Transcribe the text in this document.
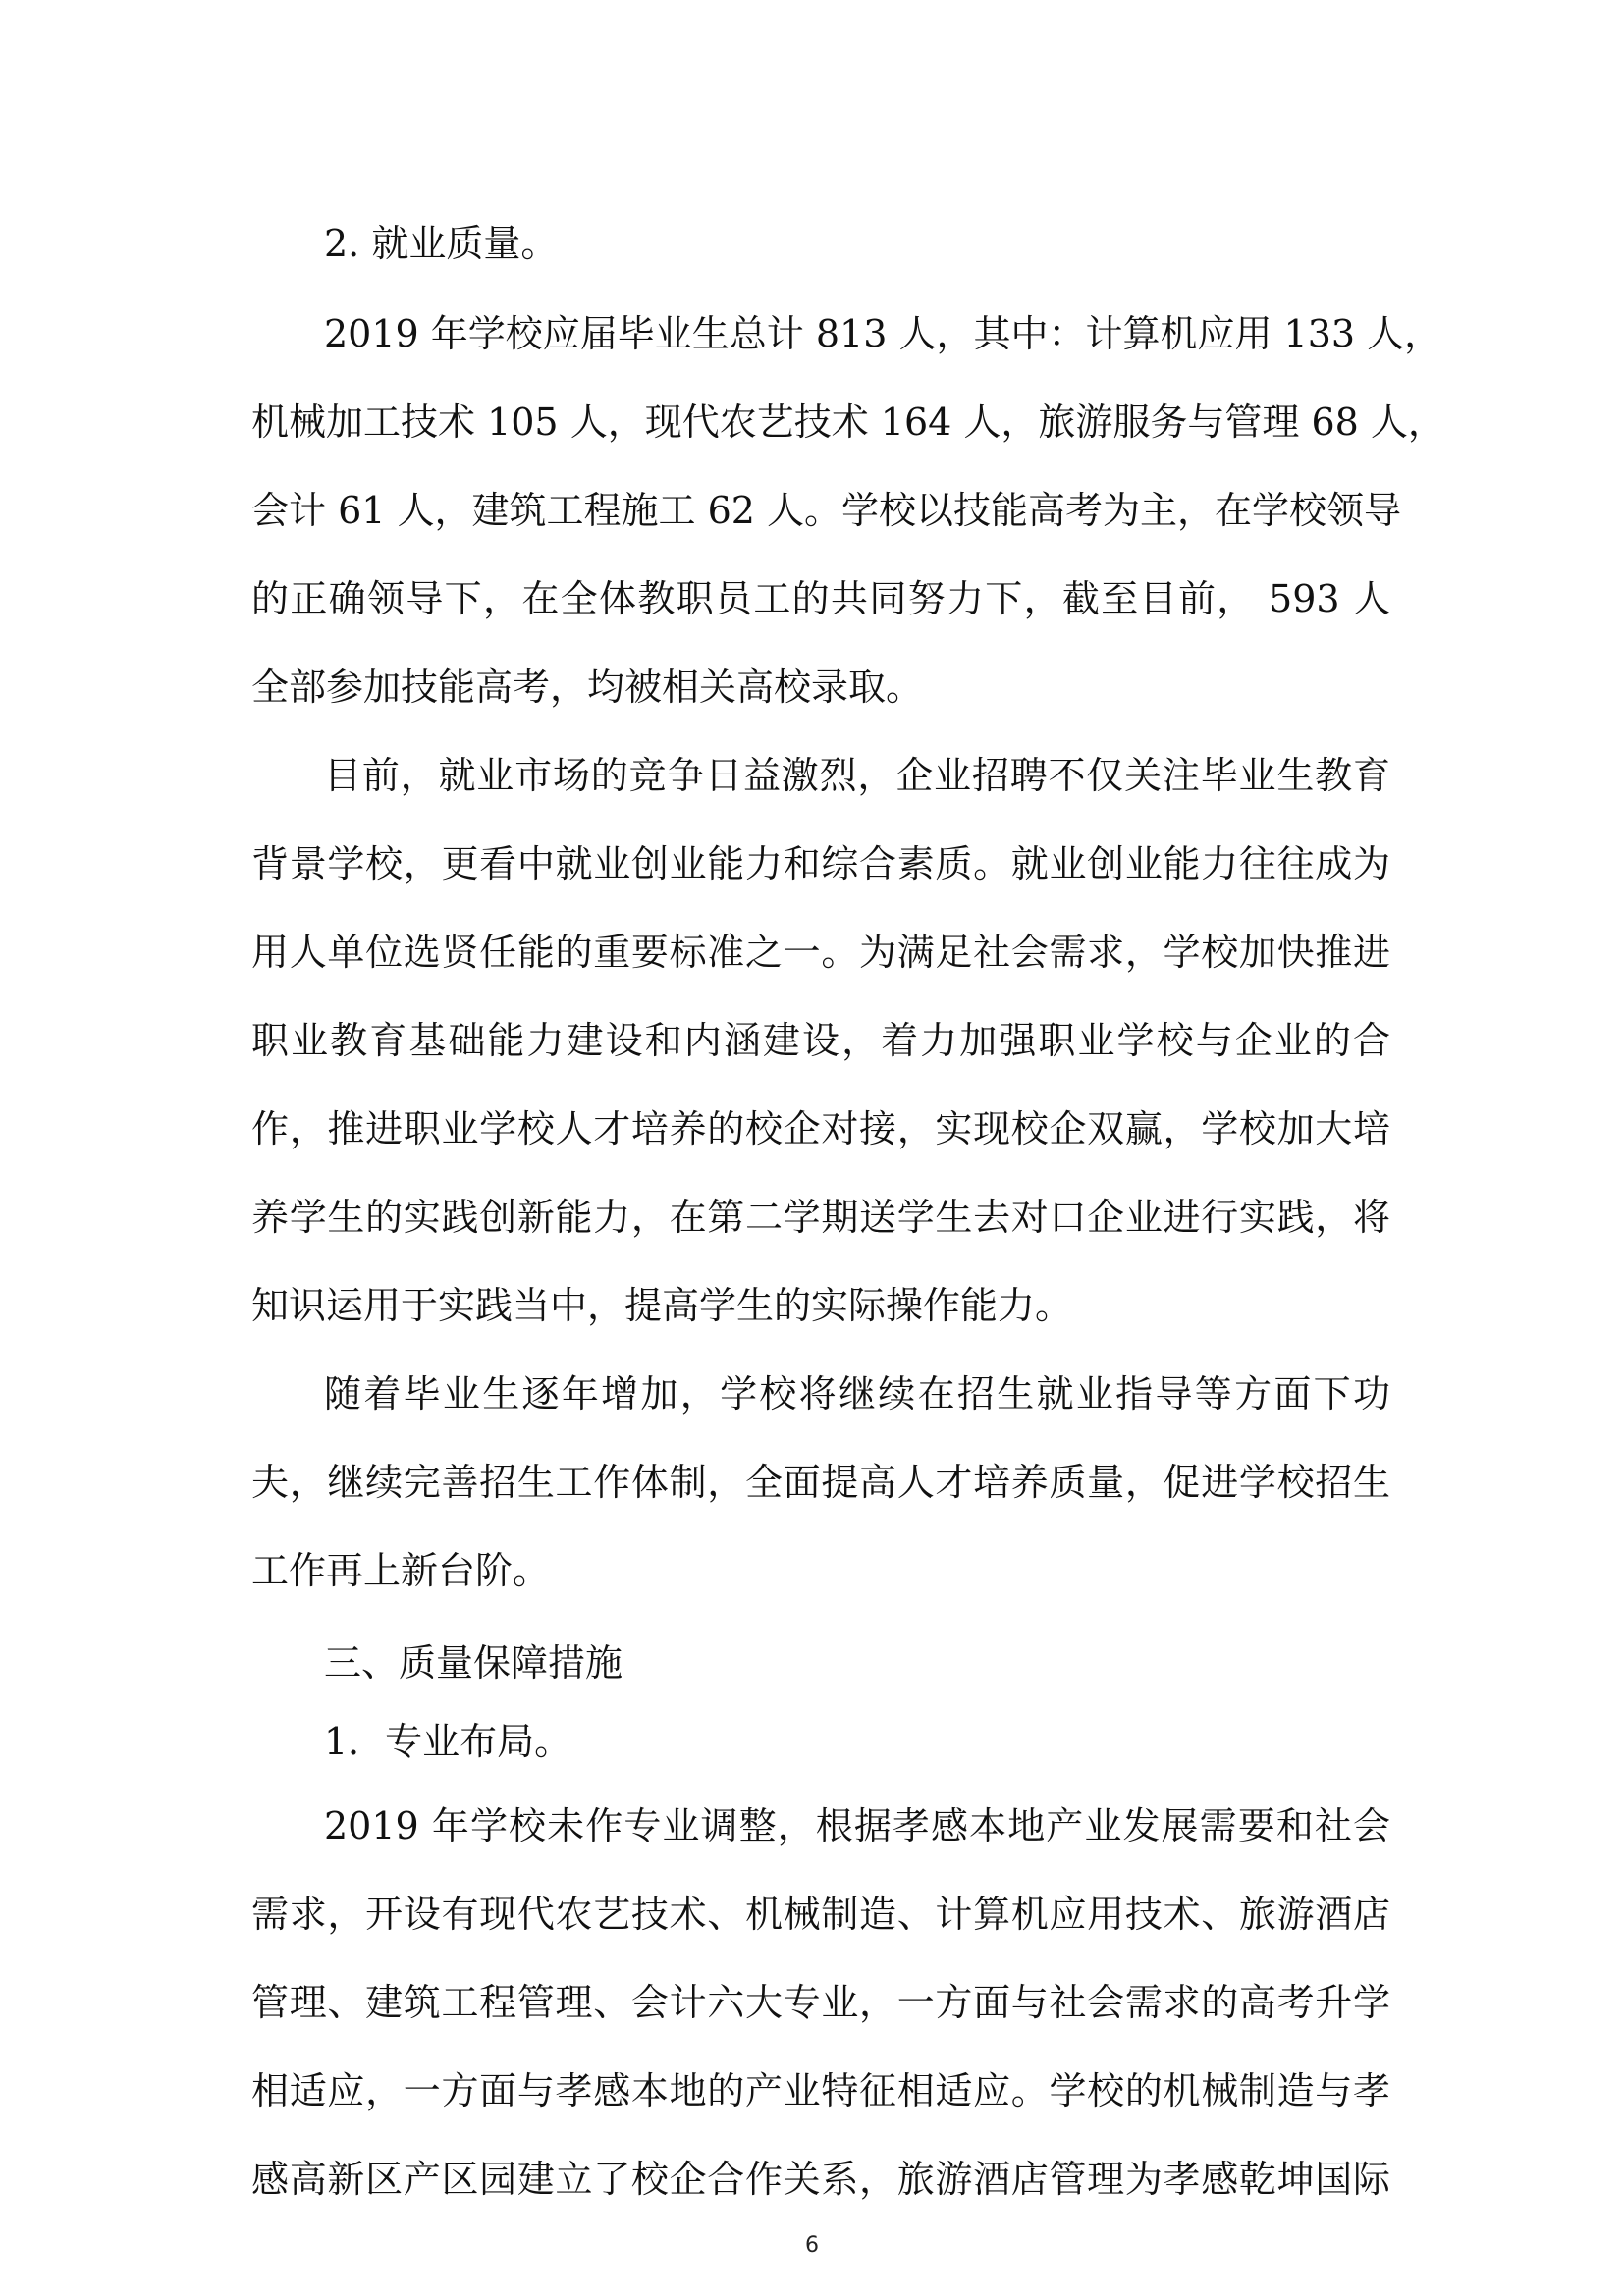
2. 就业质量。
2019 年学校应届毕业生总计 813 人，其中：计算机应用 133 人，
机械加工技术 105 人，现代农艺技术 164 人，旅游服务与管理 68 人，
会计 61 人，建筑工程施工 62 人。学校以技能高考为主，在学校领导
的正确领导下，在全体教职员工的共同努力下，截至目前， 593 人
全部参加技能高考，均被相关高校录取。
目前，就业市场的竞争日益激烈，企业招聘不仅关注毕业生教育
背景学校，更看中就业创业能力和综合素质。就业创业能力往往成为
用人单位选贤任能的重要标准之一。为满足社会需求，学校加快推进
职业教育基础能力建设和内涵建设，着力加强职业学校与企业的合
作，推进职业学校人才培养的校企对接，实现校企双赢，学校加大培
养学生的实践创新能力，在第二学期送学生去对口企业进行实践，将
知识运用于实践当中，提高学生的实际操作能力。
随着毕业生逐年增加，学校将继续在招生就业指导等方面下功
夫，继续完善招生工作体制，全面提高人才培养质量，促进学校招生
工作再上新台阶。
三、质量保障措施
1．专业布局。
2019 年学校未作专业调整，根据孝感本地产业发展需要和社会
需求，开设有现代农艺技术、机械制造、计算机应用技术、旅游酒店
管理、建筑工程管理、会计六大专业，一方面与社会需求的高考升学
相适应，一方面与孝感本地的产业特征相适应。学校的机械制造与孝
感高新区产区园建立了校企合作关系，旅游酒店管理为孝感乾坤国际
6
